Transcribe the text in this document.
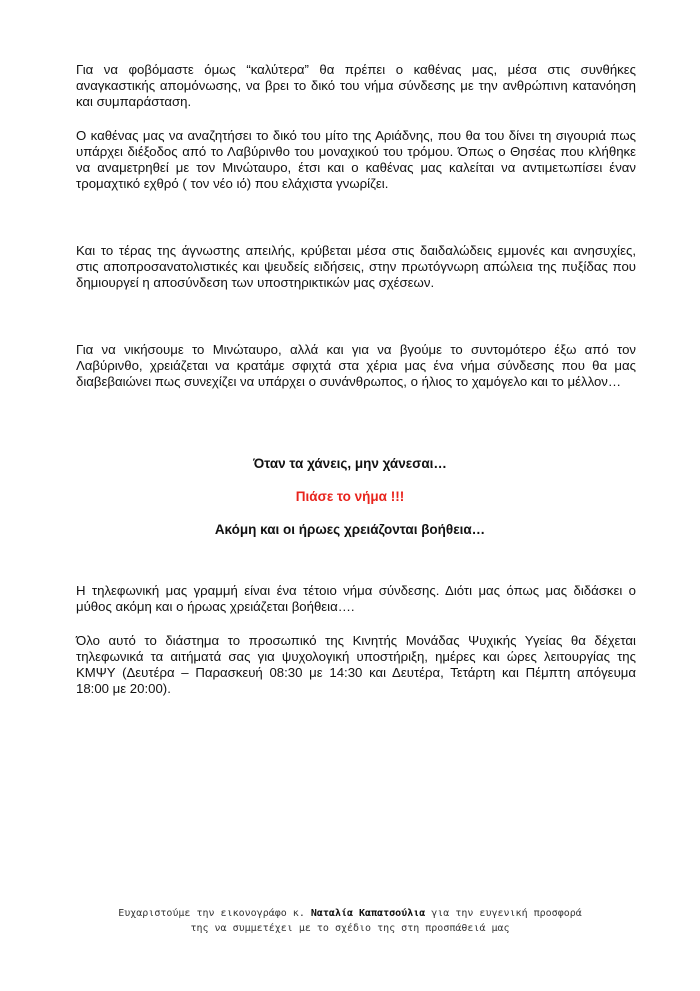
Για να φοβόμαστε όμως “καλύτερα” θα πρέπει ο καθένας μας, μέσα στις συνθήκες αναγκαστικής απομόνωσης, να βρει το δικό του νήμα σύνδεσης με την ανθρώπινη κατανόηση και συμπαράσταση.

Ο καθένας μας να αναζητήσει το δικό του μίτο της Αριάδνης, που θα του δίνει τη σιγουριά πως υπάρχει διέξοδος από το Λαβύρινθο του μοναχικού του τρόμου. Όπως ο Θησέας που κλήθηκε να αναμετρηθεί με τον Μινώταυρο, έτσι και ο καθένας μας καλείται να αντιμετωπίσει έναν τρομαχτικό εχθρό ( τον νέο ιό) που ελάχιστα γνωρίζει.

Και το τέρας της άγνωστης απειλής, κρύβεται μέσα στις δαιδαλώδεις εμμονές και ανησυχίες, στις αποπροσανατολιστικές και ψευδείς ειδήσεις, στην πρωτόγνωρη απώλεια της πυξίδας που δημιουργεί η αποσύνδεση των υποστηρικτικών μας σχέσεων.

Για να νικήσουμε το Μινώταυρο, αλλά και για να βγούμε το συντομότερο έξω από τον Λαβύρινθο, χρειάζεται να κρατάμε σφιχτά στα χέρια μας ένα νήμα σύνδεσης που θα μας διαβεβαιώνει πως συνεχίζει να υπάρχει ο συνάνθρωπος, ο ήλιος το χαμόγελο και το μέλλον…

Όταν τα χάνεις, μην χάνεσαι…

Πιάσε το νήμα !!!

Ακόμη και οι ήρωες χρειάζονται βοήθεια…

Η τηλεφωνική μας γραμμή είναι ένα τέτοιο νήμα σύνδεσης. Διότι μας όπως μας διδάσκει ο μύθος ακόμη και ο ήρωας χρειάζεται βοήθεια….

Όλο αυτό το διάστημα το προσωπικό της Κινητής Μονάδας Ψυχικής Υγείας θα δέχεται τηλεφωνικά τα αιτήματά σας για ψυχολογική υποστήριξη, ημέρες και ώρες λειτουργίας της ΚΜΨΥ (Δευτέρα – Παρασκευή 08:30 με 14:30 και Δευτέρα, Τετάρτη και Πέμπτη απόγευμα 18:00 με 20:00).

Ευχαριστούμε την εικονογράφο κ. Ναταλία Καπατσούλια για την ευγενική προσφορά
της να συμμετέχει με το σχέδιο της στη προσπάθειά μας
